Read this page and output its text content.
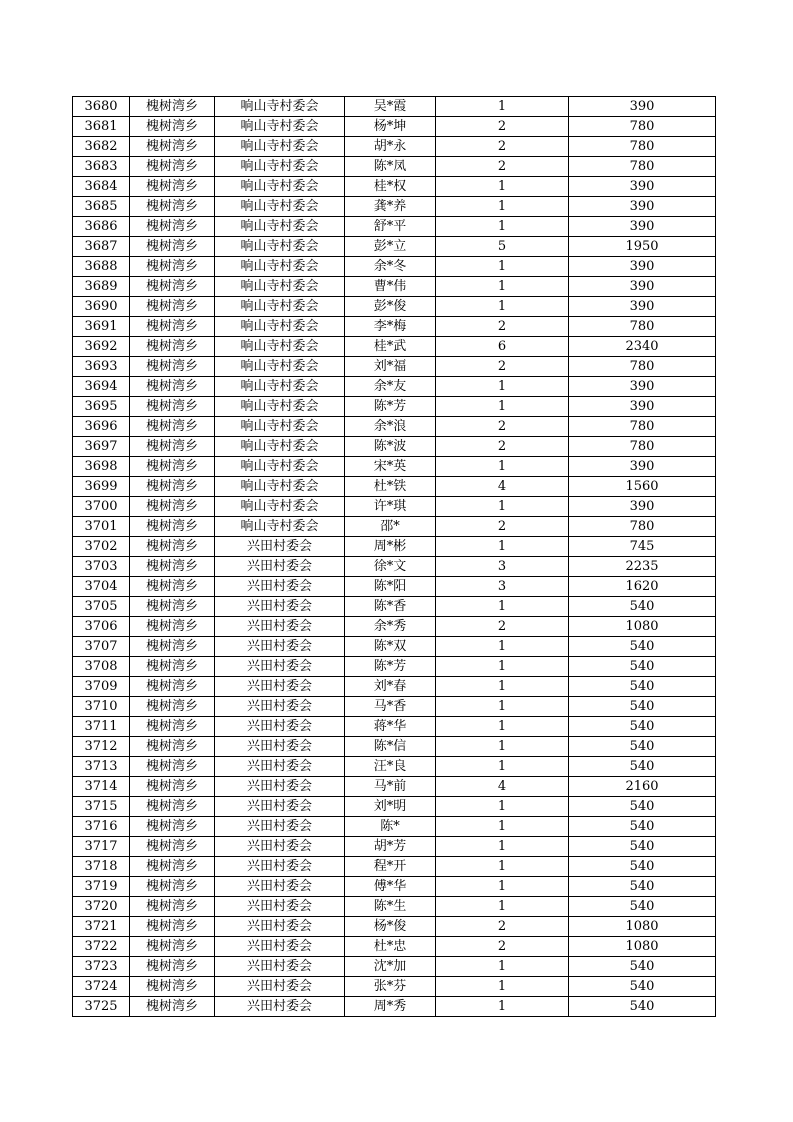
3680	槐树湾乡	响山寺村委会	吴*霞	1	390
3681	槐树湾乡	响山寺村委会	杨*坤	2	780
3682	槐树湾乡	响山寺村委会	胡*永	2	780
3683	槐树湾乡	响山寺村委会	陈*凤	2	780
3684	槐树湾乡	响山寺村委会	桂*权	1	390
3685	槐树湾乡	响山寺村委会	龚*养	1	390
3686	槐树湾乡	响山寺村委会	舒*平	1	390
3687	槐树湾乡	响山寺村委会	彭*立	5	1950
3688	槐树湾乡	响山寺村委会	余*冬	1	390
3689	槐树湾乡	响山寺村委会	曹*伟	1	390
3690	槐树湾乡	响山寺村委会	彭*俊	1	390
3691	槐树湾乡	响山寺村委会	李*梅	2	780
3692	槐树湾乡	响山寺村委会	桂*武	6	2340
3693	槐树湾乡	响山寺村委会	刘*福	2	780
3694	槐树湾乡	响山寺村委会	余*友	1	390
3695	槐树湾乡	响山寺村委会	陈*芳	1	390
3696	槐树湾乡	响山寺村委会	余*浪	2	780
3697	槐树湾乡	响山寺村委会	陈*波	2	780
3698	槐树湾乡	响山寺村委会	宋*英	1	390
3699	槐树湾乡	响山寺村委会	杜*铁	4	1560
3700	槐树湾乡	响山寺村委会	许*琪	1	390
3701	槐树湾乡	响山寺村委会	邵*	2	780
3702	槐树湾乡	兴田村委会	周*彬	1	745
3703	槐树湾乡	兴田村委会	徐*文	3	2235
3704	槐树湾乡	兴田村委会	陈*阳	3	1620
3705	槐树湾乡	兴田村委会	陈*香	1	540
3706	槐树湾乡	兴田村委会	余*秀	2	1080
3707	槐树湾乡	兴田村委会	陈*双	1	540
3708	槐树湾乡	兴田村委会	陈*芳	1	540
3709	槐树湾乡	兴田村委会	刘*春	1	540
3710	槐树湾乡	兴田村委会	马*香	1	540
3711	槐树湾乡	兴田村委会	蒋*华	1	540
3712	槐树湾乡	兴田村委会	陈*信	1	540
3713	槐树湾乡	兴田村委会	汪*良	1	540
3714	槐树湾乡	兴田村委会	马*前	4	2160
3715	槐树湾乡	兴田村委会	刘*明	1	540
3716	槐树湾乡	兴田村委会	陈*	1	540
3717	槐树湾乡	兴田村委会	胡*芳	1	540
3718	槐树湾乡	兴田村委会	程*开	1	540
3719	槐树湾乡	兴田村委会	傅*华	1	540
3720	槐树湾乡	兴田村委会	陈*生	1	540
3721	槐树湾乡	兴田村委会	杨*俊	2	1080
3722	槐树湾乡	兴田村委会	杜*忠	2	1080
3723	槐树湾乡	兴田村委会	沈*加	1	540
3724	槐树湾乡	兴田村委会	张*芬	1	540
3725	槐树湾乡	兴田村委会	周*秀	1	540
